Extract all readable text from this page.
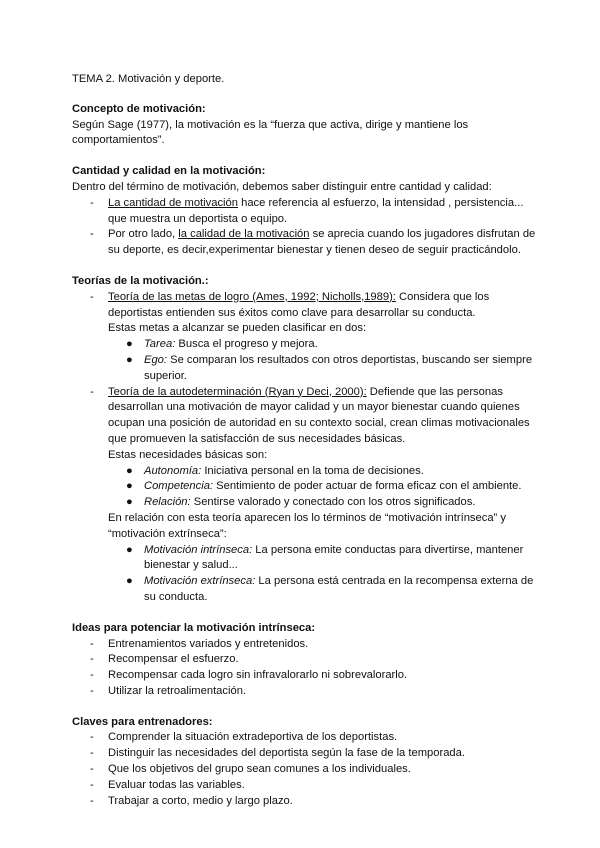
TEMA 2. Motivación y deporte.

Concepto de motivación:

Según Sage (1977), la motivación es la “fuerza que activa, dirige y mantiene los comportamientos”.

Cantidad y calidad en la motivación:

Dentro del término de motivación, debemos saber distinguir entre cantidad y calidad:

- La cantidad de motivación hace referencia al esfuerzo, la intensidad , persistencia... que muestra un deportista o equipo.
- Por otro lado, la calidad de la motivación se aprecia cuando los jugadores disfrutan de su deporte, es decir,experimentar bienestar y tienen deseo de seguir practicándolo.

Teorías de la motivación.:

- Teoría de las metas de logro (Ames, 1992; Nicholls,1989): Considera que los deportistas entienden sus éxitos como clave para desarrollar su conducta.

Estas metas a alcanzar se pueden clasificar en dos:

● Tarea: Busca el progreso y mejora.
● Ego: Se comparan los resultados con otros deportistas, buscando ser siempre superior.
- Teoría de la autodeterminación (Ryan y Deci, 2000): Defiende que las personas desarrollan una motivación de mayor calidad y un mayor bienestar cuando quienes ocupan una posición de autoridad en su contexto social, crean climas motivacionales que promueven la satisfacción de sus necesidades básicas.

Estas necesidades básicas son:

● Autonomía: Iniciativa personal en la toma de decisiones.
● Competencia: Sentimiento de poder actuar de forma eficaz con el ambiente.
● Relación: Sentirse valorado y conectado con los otros significados.

En relación con esta teoría aparecen los lo términos de “motivación intrínseca” y “motivación extrínseca”:

● Motivación intrínseca: La persona emite conductas para divertirse, mantener bienestar y salud...
● Motivación extrínseca: La persona está centrada en la recompensa externa de su conducta.

Ideas para potenciar la motivación intrínseca:

- Entrenamientos variados y entretenidos.
- Recompensar el esfuerzo.
- Recompensar cada logro sin infravalorarlo ni sobrevalorarlo.
- Utilizar la retroalimentación.

Claves para entrenadores:

- Comprender la situación extradeportiva de los deportistas.
- Distinguir las necesidades del deportista según la fase de la temporada.
- Que los objetivos del grupo sean comunes a los individuales.
- Evaluar todas las variables.
- Trabajar a corto, medio y largo plazo.
